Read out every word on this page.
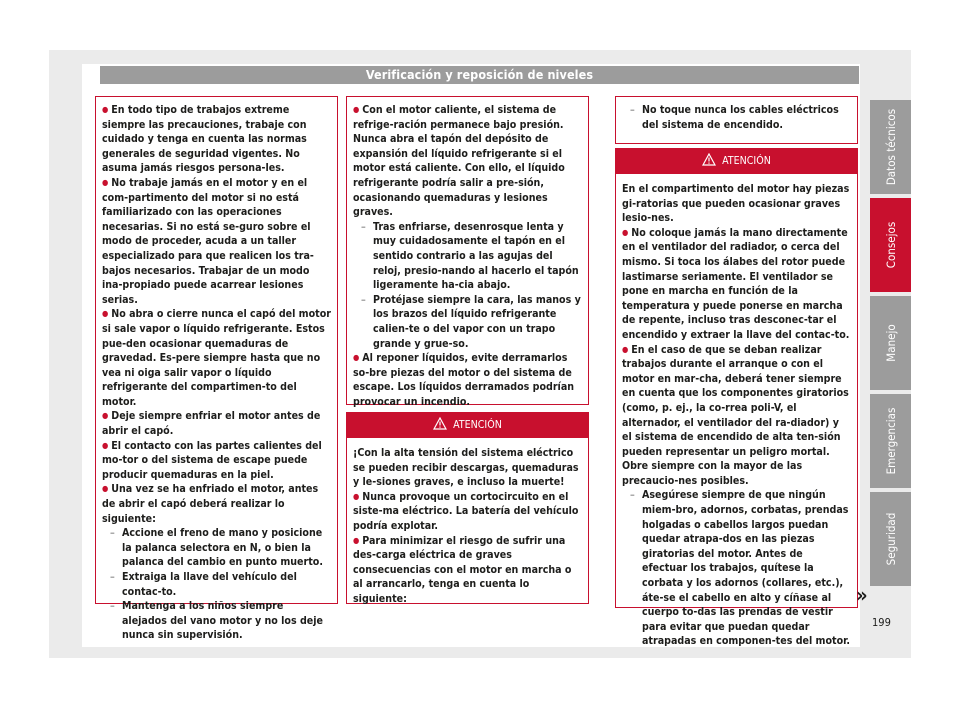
Verificación y reposición de niveles

● En todo tipo de trabajos extreme siempre las precauciones, trabaje con cuidado y tenga en cuenta las normas generales de seguridad vigentes. No asuma jamás riesgos persona-les.

● No trabaje jamás en el motor y en el com-partimento del motor si no está familiarizado con las operaciones necesarias. Si no está se-guro sobre el modo de proceder, acuda a un taller especializado para que realicen los tra-bajos necesarios. Trabajar de un modo ina-propiado puede acarrear lesiones serias.

● No abra o cierre nunca el capó del motor si sale vapor o líquido refrigerante. Estos pue-den ocasionar quemaduras de gravedad. Es-pere siempre hasta que no vea ni oiga salir vapor o líquido refrigerante del compartimen-to del motor.

● Deje siempre enfriar el motor antes de abrir el capó.

● El contacto con las partes calientes del mo-tor o del sistema de escape puede producir quemaduras en la piel.

● Una vez se ha enfriado el motor, antes de abrir el capó deberá realizar lo siguiente:

– Accione el freno de mano y posicione la palanca selectora en N, o bien la palanca del cambio en punto muerto.

– Extraiga la llave del vehículo del contac-to.

– Mantenga a los niños siempre alejados del vano motor y no los deje nunca sin supervisión.

● Con el motor caliente, el sistema de refrige-ración permanece bajo presión. Nunca abra el tapón del depósito de expansión del líquido refrigerante si el motor está caliente. Con ello, el líquido refrigerante podría salir a pre-sión, ocasionando quemaduras y lesiones graves.

– Tras enfriarse, desenrosque lenta y muy cuidadosamente el tapón en el sentido contrario a las agujas del reloj, presio-nando al hacerlo el tapón ligeramente ha-cia abajo.

– Protéjase siempre la cara, las manos y los brazos del líquido refrigerante calien-te o del vapor con un trapo grande y grue-so.

● Al reponer líquidos, evite derramarlos so-bre piezas del motor o del sistema de escape. Los líquidos derramados podrían provocar un incendio.

ATENCIÓN

¡Con la alta tensión del sistema eléctrico se pueden recibir descargas, quemaduras y le-siones graves, e incluso la muerte!

● Nunca provoque un cortocircuito en el siste-ma eléctrico. La batería del vehículo podría explotar.

● Para minimizar el riesgo de sufrir una des-carga eléctrica de graves consecuencias con el motor en marcha o al arrancarlo, tenga en cuenta lo siguiente:

– No toque nunca los cables eléctricos del sistema de encendido.

ATENCIÓN

En el compartimento del motor hay piezas gi-ratorias que pueden ocasionar graves lesio-nes.

● No coloque jamás la mano directamente en el ventilador del radiador, o cerca del mismo. Si toca los álabes del rotor puede lastimarse seriamente. El ventilador se pone en marcha en función de la temperatura y puede ponerse en marcha de repente, incluso tras desconec-tar el encendido y extraer la llave del contac-to.

● En el caso de que se deban realizar trabajos durante el arranque o con el motor en mar-cha, deberá tener siempre en cuenta que los componentes giratorios (como, p. ej., la co-rrea poli-V, el alternador, el ventilador del ra-diador) y el sistema de encendido de alta ten-sión pueden representar un peligro mortal. Obre siempre con la mayor de las precaucio-nes posibles.

– Asegúrese siempre de que ningún miem-bro, adornos, corbatas, prendas holgadas o cabellos largos puedan quedar atrapa-dos en las piezas giratorias del motor. Antes de efectuar los trabajos, quítese la corbata y los adornos (collares, etc.), áte-se el cabello en alto y cíñase al cuerpo to-das las prendas de vestir para evitar que puedan quedar atrapadas en componen-tes del motor.

»
Datos técnicos
Consejos
Manejo
Emergencias
Seguridad
199
